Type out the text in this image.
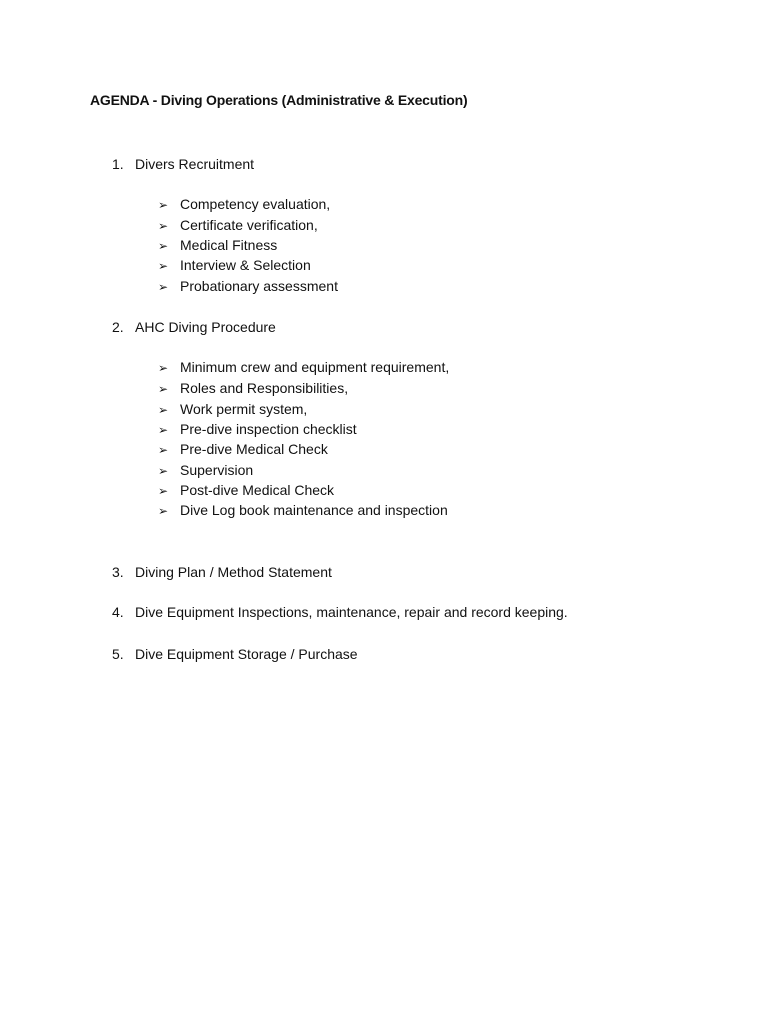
AGENDA - Diving Operations (Administrative & Execution)
1. Divers Recruitment
➢ Competency evaluation,
➢ Certificate verification,
➢ Medical Fitness
➢ Interview & Selection
➢ Probationary assessment
2. AHC Diving Procedure
➢ Minimum crew and equipment requirement,
➢ Roles and Responsibilities,
➢ Work permit system,
➢ Pre-dive inspection checklist
➢ Pre-dive Medical Check
➢ Supervision
➢ Post-dive Medical Check
➢ Dive Log book maintenance and inspection
3. Diving Plan / Method Statement
4. Dive Equipment Inspections, maintenance, repair and record keeping.
5. Dive Equipment Storage / Purchase
